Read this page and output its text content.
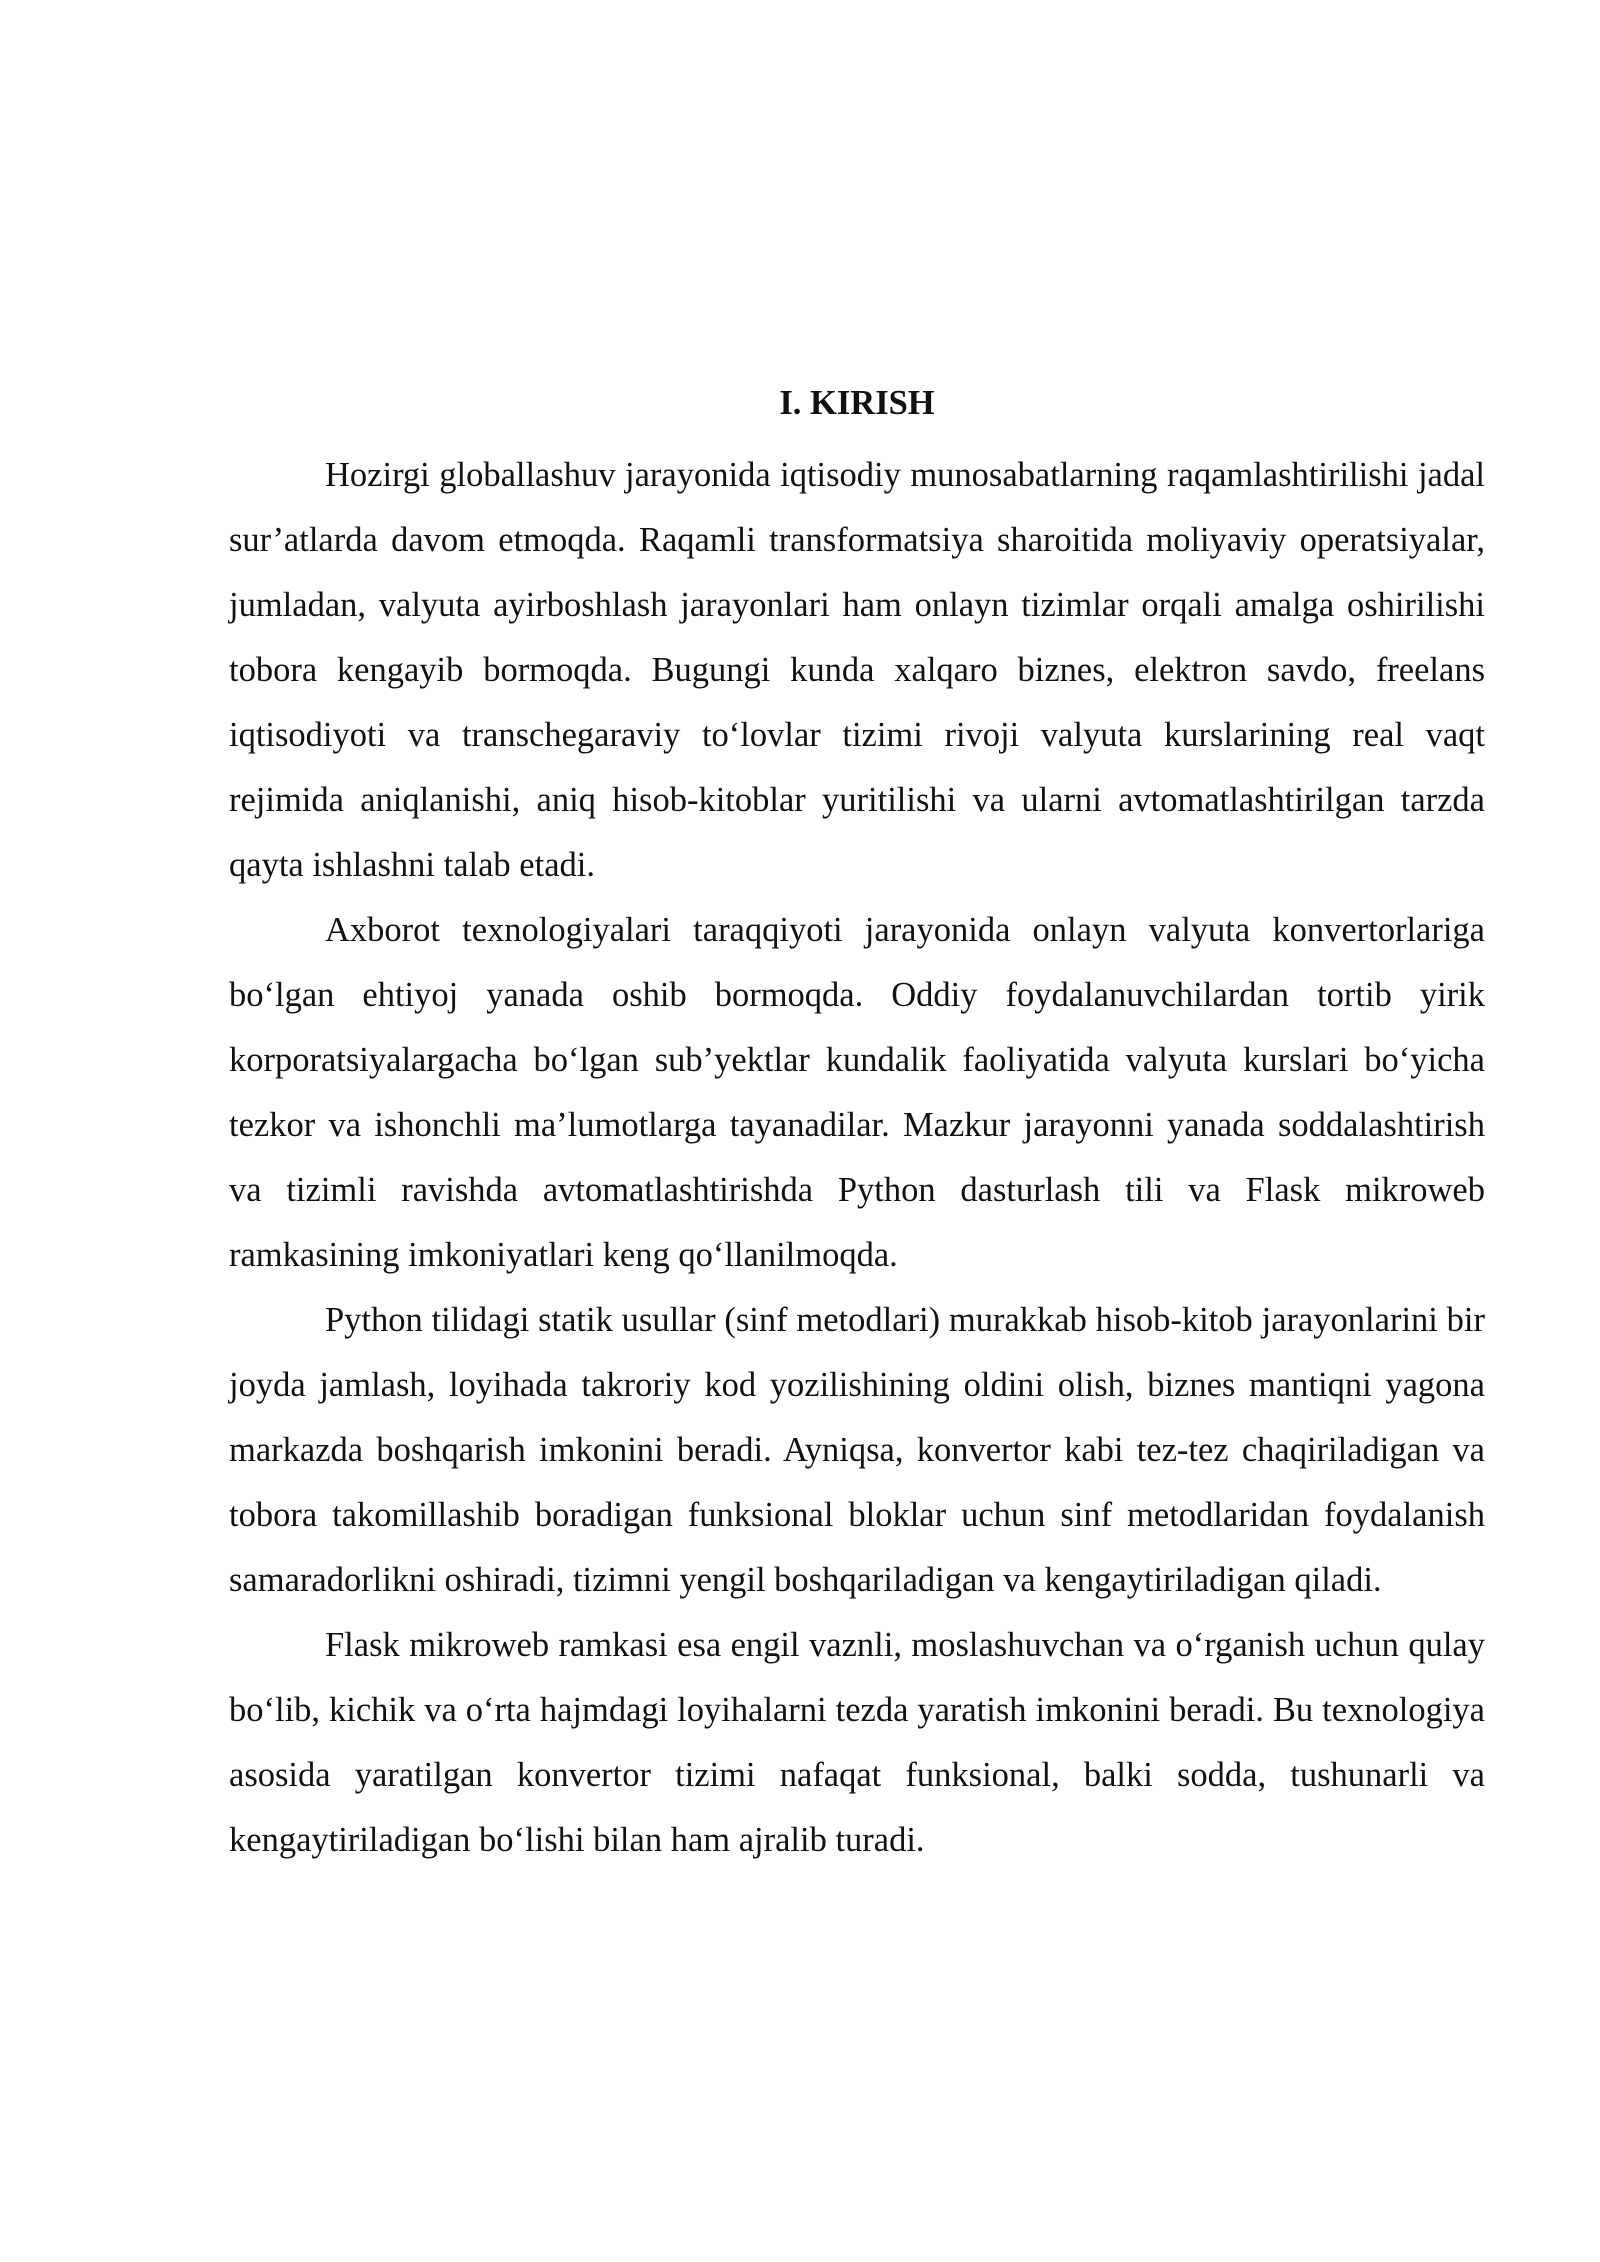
I. KIRISH

Hozirgi globallashuv jarayonida iqtisodiy munosabatlarning raqamlashtirilishi jadal sur’atlarda davom etmoqda. Raqamli transformatsiya sharoitida moliyaviy operatsiyalar, jumladan, valyuta ayirboshlash jarayonlari ham onlayn tizimlar orqali amalga oshirilishi tobora kengayib bormoqda. Bugungi kunda xalqaro biznes, elektron savdo, freelans iqtisodiyoti va transchegaraviy to‘lovlar tizimi rivoji valyuta kurslarining real vaqt rejimida aniqlanishi, aniq hisob-kitoblar yuritilishi va ularni avtomatlashtirilgan tarzda qayta ishlashni talab etadi.

Axborot texnologiyalari taraqqiyoti jarayonida onlayn valyuta konvertorlariga bo‘lgan ehtiyoj yanada oshib bormoqda. Oddiy foydalanuvchilardan tortib yirik korporatsiyalargacha bo‘lgan sub’yektlar kundalik faoliyatida valyuta kurslari bo‘yicha tezkor va ishonchli ma’lumotlarga tayanadilar. Mazkur jarayonni yanada soddalashtirish va tizimli ravishda avtomatlashtirishda Python dasturlash tili va Flask mikroweb ramkasining imkoniyatlari keng qo‘llanilmoqda.

Python tilidagi statik usullar (sinf metodlari) murakkab hisob-kitob jarayonlarini bir joyda jamlash, loyihada takroriy kod yozilishining oldini olish, biznes mantiqni yagona markazda boshqarish imkonini beradi. Ayniqsa, konvertor kabi tez-tez chaqiriladigan va tobora takomillashib boradigan funksional bloklar uchun sinf metodlaridan foydalanish samaradorlikni oshiradi, tizimni yengil boshqariladigan va kengaytiriladigan qiladi.

Flask mikroweb ramkasi esa engil vaznli, moslashuvchan va o‘rganish uchun qulay bo‘lib, kichik va o‘rta hajmdagi loyihalarni tezda yaratish imkonini beradi. Bu texnologiya asosida yaratilgan konvertor tizimi nafaqat funksional, balki sodda, tushunarli va kengaytiriladigan bo‘lishi bilan ham ajralib turadi.
